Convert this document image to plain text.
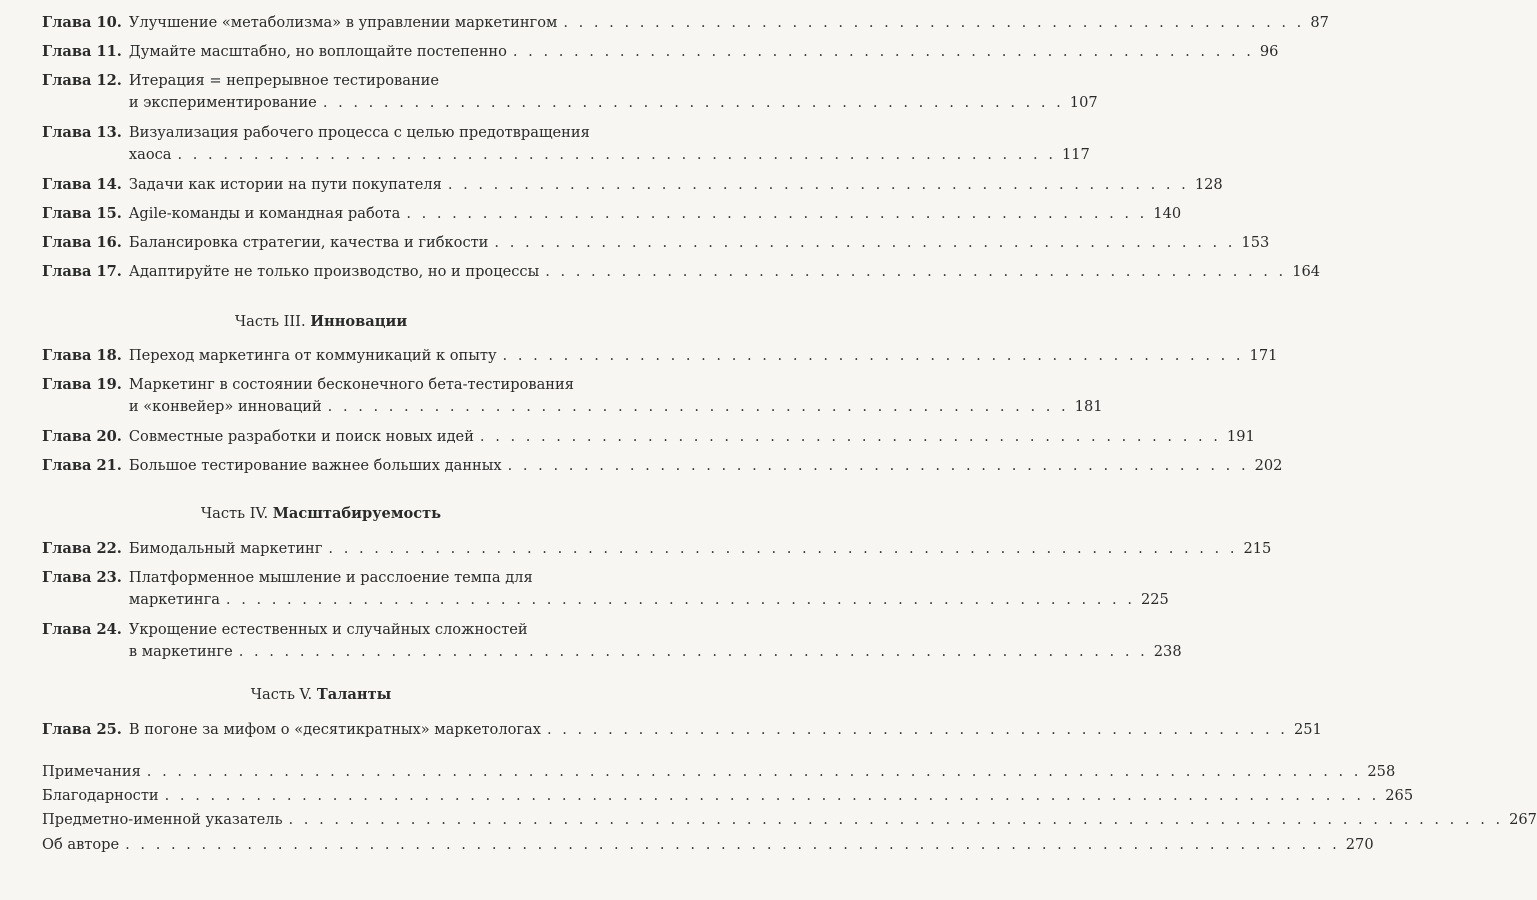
Глава 10. Улучшение «метаболизма» в управлении маркетингом . . . . . . . . . . . . . . . . . . . . . . . . . . . . . . . . . . . . . . . . . . . . . . . . . 87
Глава 11. Думайте масштабно, но воплощайте постепенно . . . . . . . . . . . . . . . . . . . . . . . . . . . . . . . . . . . . . . . . . . . . . . . . . 96
Глава 12. Итерация = непрерывное тестирование
и экспериментирование . . . . . . . . . . . . . . . . . . . . . . . . . . . . . . . . . . . . . . . . . . . . . . . . . 107
Глава 13. Визуализация рабочего процесса с целью предотвращения
хаоса . . . . . . . . . . . . . . . . . . . . . . . . . . . . . . . . . . . . . . . . . . . . . . . . . . . . . . . . . . 117
Глава 14. Задачи как истории на пути покупателя . . . . . . . . . . . . . . . . . . . . . . . . . . . . . . . . . . . . . . . . . . . . . . . . . 128
Глава 15. Agile-команды и командная работа . . . . . . . . . . . . . . . . . . . . . . . . . . . . . . . . . . . . . . . . . . . . . . . . . 140
Глава 16. Балансировка стратегии, качества и гибкости . . . . . . . . . . . . . . . . . . . . . . . . . . . . . . . . . . . . . . . . . . . . . . . . . 153
Глава 17. Адаптируйте не только производство, но и процессы . . . . . . . . . . . . . . . . . . . . . . . . . . . . . . . . . . . . . . . . . . . . . . . . . 164
Часть III. Инновации
Глава 18. Переход маркетинга от коммуникаций к опыту . . . . . . . . . . . . . . . . . . . . . . . . . . . . . . . . . . . . . . . . . . . . . . . . . 171
Глава 19. Маркетинг в состоянии бесконечного бета-тестирования
и «конвейер» инноваций . . . . . . . . . . . . . . . . . . . . . . . . . . . . . . . . . . . . . . . . . . . . . . . . . 181
Глава 20. Совместные разработки и поиск новых идей . . . . . . . . . . . . . . . . . . . . . . . . . . . . . . . . . . . . . . . . . . . . . . . . . 191
Глава 21. Большое тестирование важнее больших данных . . . . . . . . . . . . . . . . . . . . . . . . . . . . . . . . . . . . . . . . . . . . . . . . . 202
Часть IV. Масштабируемость
Глава 22. Бимодальный маркетинг . . . . . . . . . . . . . . . . . . . . . . . . . . . . . . . . . . . . . . . . . . . . . . . . . . . . . . . . . . . . 215
Глава 23. Платформенное мышление и расслоение темпа для
маркетинга . . . . . . . . . . . . . . . . . . . . . . . . . . . . . . . . . . . . . . . . . . . . . . . . . . . . . . . . . . . . 225
Глава 24. Укрощение естественных и случайных сложностей
в маркетинге . . . . . . . . . . . . . . . . . . . . . . . . . . . . . . . . . . . . . . . . . . . . . . . . . . . . . . . . . . . . 238
Часть V. Таланты
Глава 25. В погоне за мифом о «десятикратных» маркетологах . . . . . . . . . . . . . . . . . . . . . . . . . . . . . . . . . . . . . . . . . . . . . . . . . 251
Примечания . . . . . . . . . . . . . . . . . . . . . . . . . . . . . . . . . . . . . . . . . . . . . . . . . . . . . . . . . . . . . . . . . . . . . . . . . . . . . . . . 258
Благодарности . . . . . . . . . . . . . . . . . . . . . . . . . . . . . . . . . . . . . . . . . . . . . . . . . . . . . . . . . . . . . . . . . . . . . . . . . . . . . . . . 265
Предметно-именной указатель . . . . . . . . . . . . . . . . . . . . . . . . . . . . . . . . . . . . . . . . . . . . . . . . . . . . . . . . . . . . . . . . . . . . . . . . . . . . . . . . 267
Об авторе . . . . . . . . . . . . . . . . . . . . . . . . . . . . . . . . . . . . . . . . . . . . . . . . . . . . . . . . . . . . . . . . . . . . . . . . . . . . . . . . 270
